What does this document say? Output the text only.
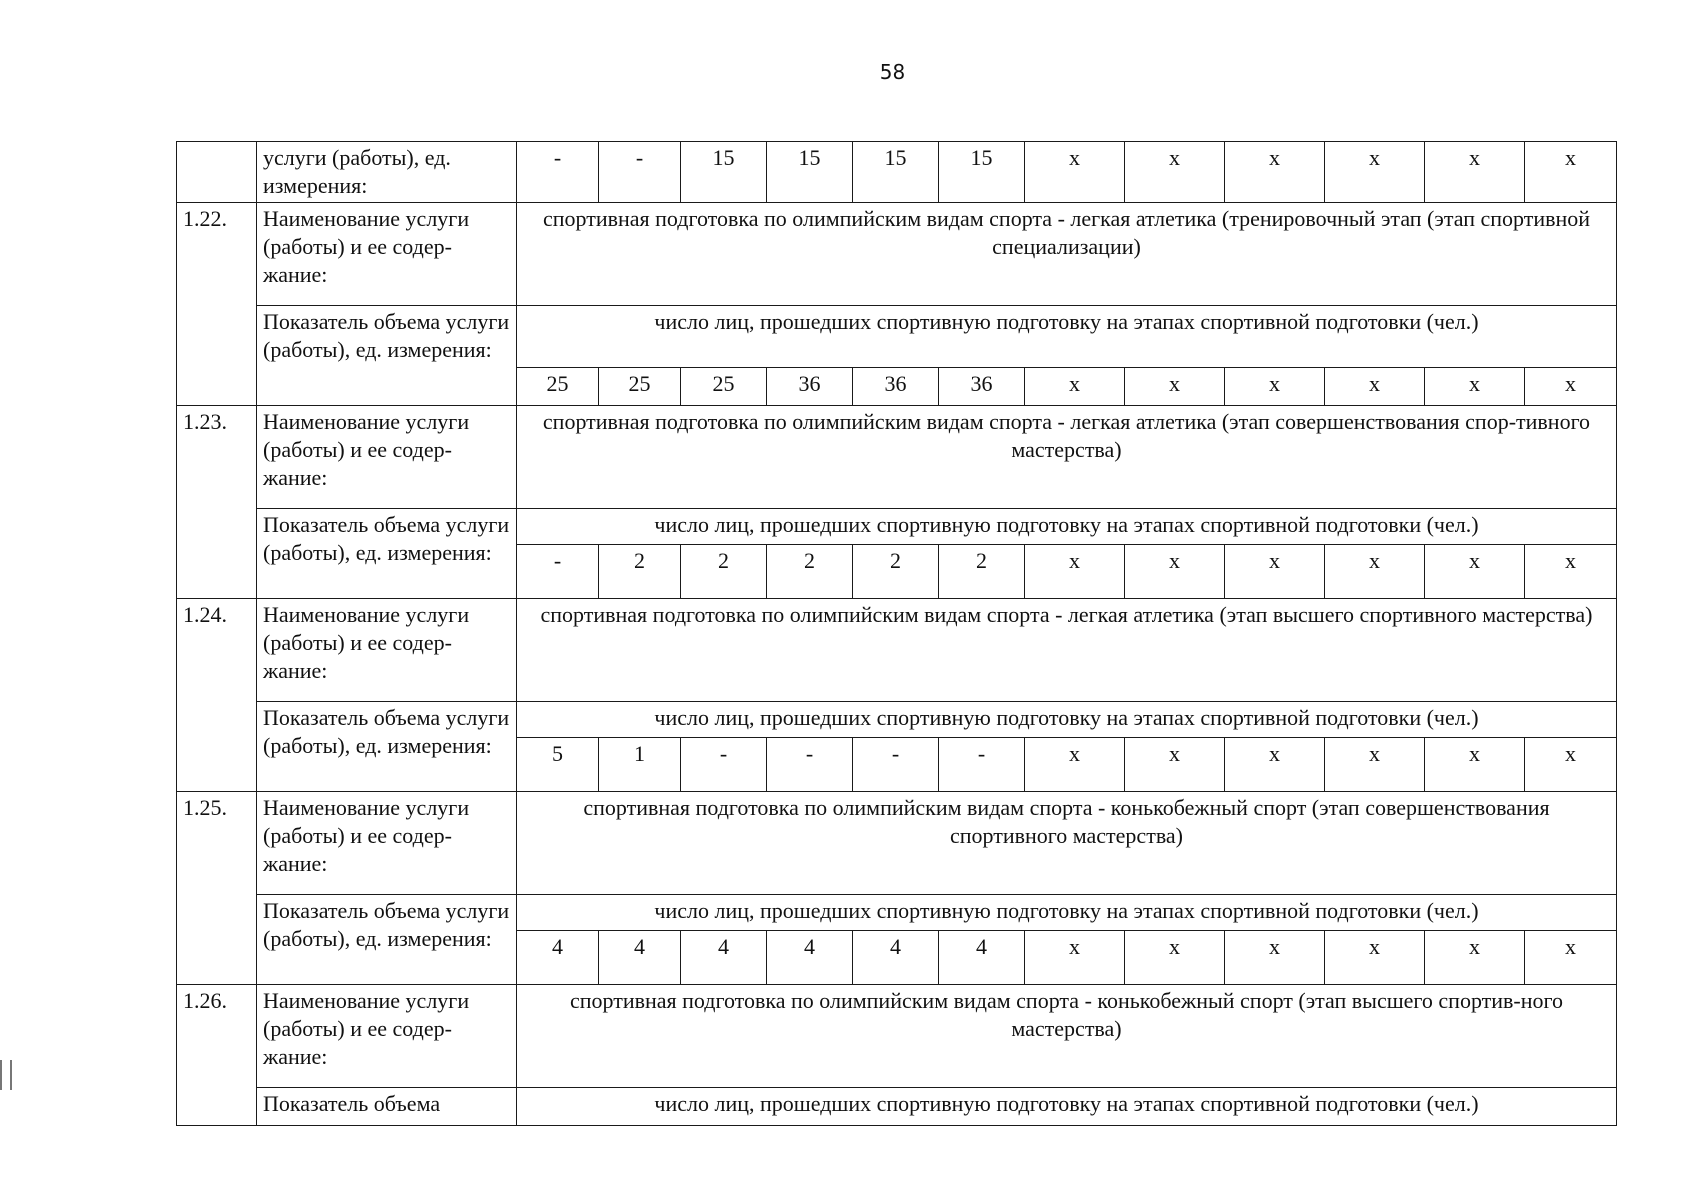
58
	услуги (работы), ед. измерения:	-	-	15	15	15	15	x	x	x	x	x	x
1.22.	Наименование услуги (работы) и ее содер-жание:	спортивная подготовка по олимпийским видам спорта - легкая атлетика (тренировочный этап (этап спортивной специализации)											
	Показатель объема услуги (работы), ед. измерения:	число лиц, прошедших спортивную подготовку на этапах спортивной подготовки (чел.)											
		25	25	25	36	36	36	x	x	x	x	x	x
1.23.	Наименование услуги (работы) и ее содер-жание:	спортивная подготовка по олимпийским видам спорта - легкая атлетика (этап совершенствования спор-тивного мастерства)											
	Показатель объема услуги (работы), ед. измерения:	число лиц, прошедших спортивную подготовку на этапах спортивной подготовки (чел.)											
		-	2	2	2	2	2	x	x	x	x	x	x
1.24.	Наименование услуги (работы) и ее содер-жание:	спортивная подготовка по олимпийским видам спорта - легкая атлетика (этап высшего спортивного мастерства)											
	Показатель объема услуги (работы), ед. измерения:	число лиц, прошедших спортивную подготовку на этапах спортивной подготовки (чел.)											
		5	1	-	-	-	-	x	x	x	x	x	x
1.25.	Наименование услуги (работы) и ее содер-жание:	спортивная подготовка по олимпийским видам спорта - конькобежный спорт (этап совершенствования спортивного мастерства)											
	Показатель объема услуги (работы), ед. измерения:	число лиц, прошедших спортивную подготовку на этапах спортивной подготовки (чел.)											
		4	4	4	4	4	4	x	x	x	x	x	x
1.26.	Наименование услуги (работы) и ее содер-жание:	спортивная подготовка по олимпийским видам спорта - конькобежный спорт (этап высшего спортив-ного мастерства)											
	Показатель объема	число лиц, прошедших спортивную подготовку на этапах спортивной подготовки (чел.)											
